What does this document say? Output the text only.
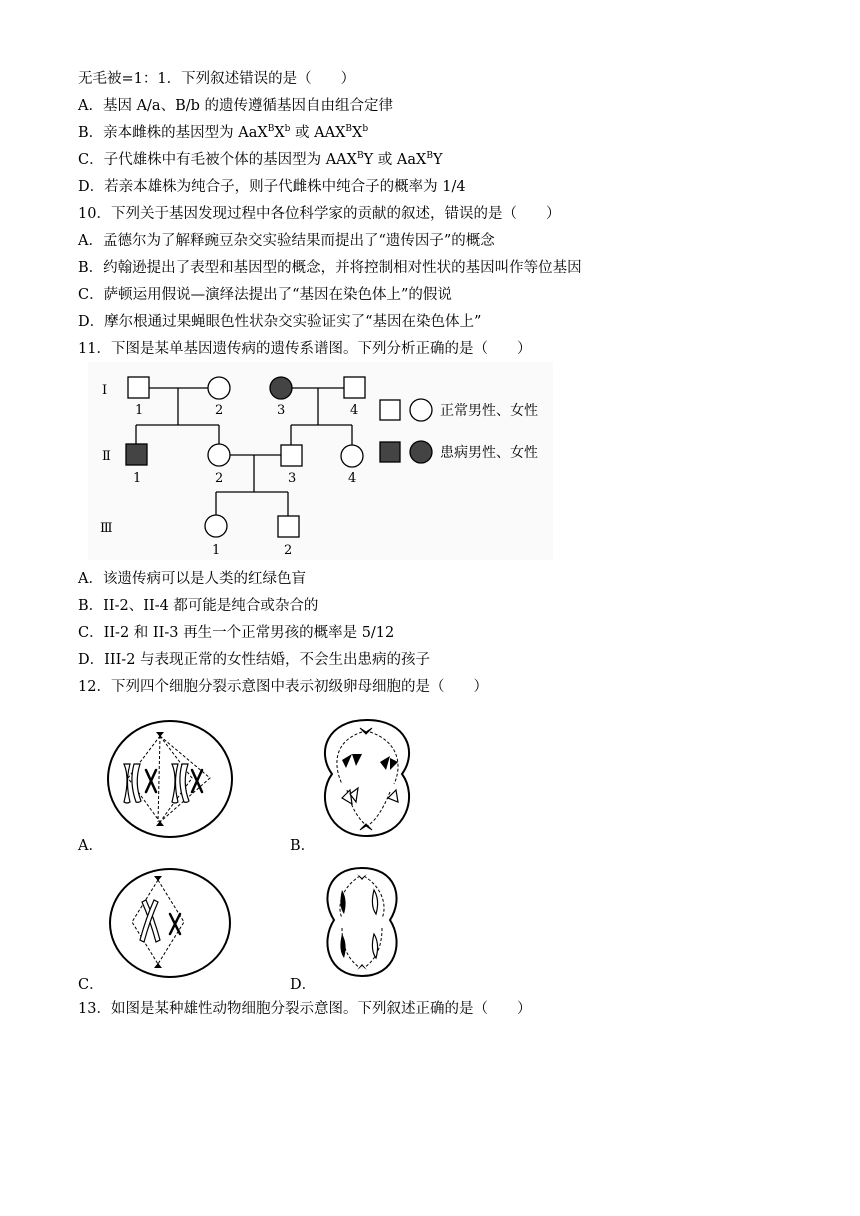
无毛被=1：1．下列叙述错误的是（　　）
A．基因 A/a、B/b 的遗传遵循基因自由组合定律
B．亲本雌株的基因型为 $AaX^BX^b$ 或 $AAX^BX^b$
C．子代雄株中有毛被个体的基因型为 $AAX^BY$ 或 AaX$^B$Y
D．若亲本雄株为纯合子，则子代雌株中纯合子的概率为 1/4
10．下列关于基因发现过程中各位科学家的贡献的叙述，错误的是（　　）
A．孟德尔为了解释豌豆杂交实验结果而提出了“遗传因子”的概念
B．约翰逊提出了表型和基因型的概念，并将控制相对性状的基因叫作等位基因
C．萨顿运用假说—演绎法提出了“基因在染色体上”的假说
D．摩尔根通过果蝇眼色性状杂交实验证实了“基因在染色体上”
11．下图是某单基因遗传病的遗传系谱图。下列分析正确的是（　　）
Ⅰ
Ⅱ
Ⅲ
1	2	3	4
1	2	3	4
1	2
正常男性、女性
患病男性、女性
A．该遗传病可以是人类的红绿色盲
B．II-2、II-4 都可能是纯合或杂合的
C．II-2 和 II-3 再生一个正常男孩的概率是 5/12
D．III-2 与表现正常的女性结婚，不会生出患病的孩子
12．下列四个细胞分裂示意图中表示初级卵母细胞的是（　　）
A．	B．
C．	D．
13．如图是某种雄性动物细胞分裂示意图。下列叙述正确的是（　　）
